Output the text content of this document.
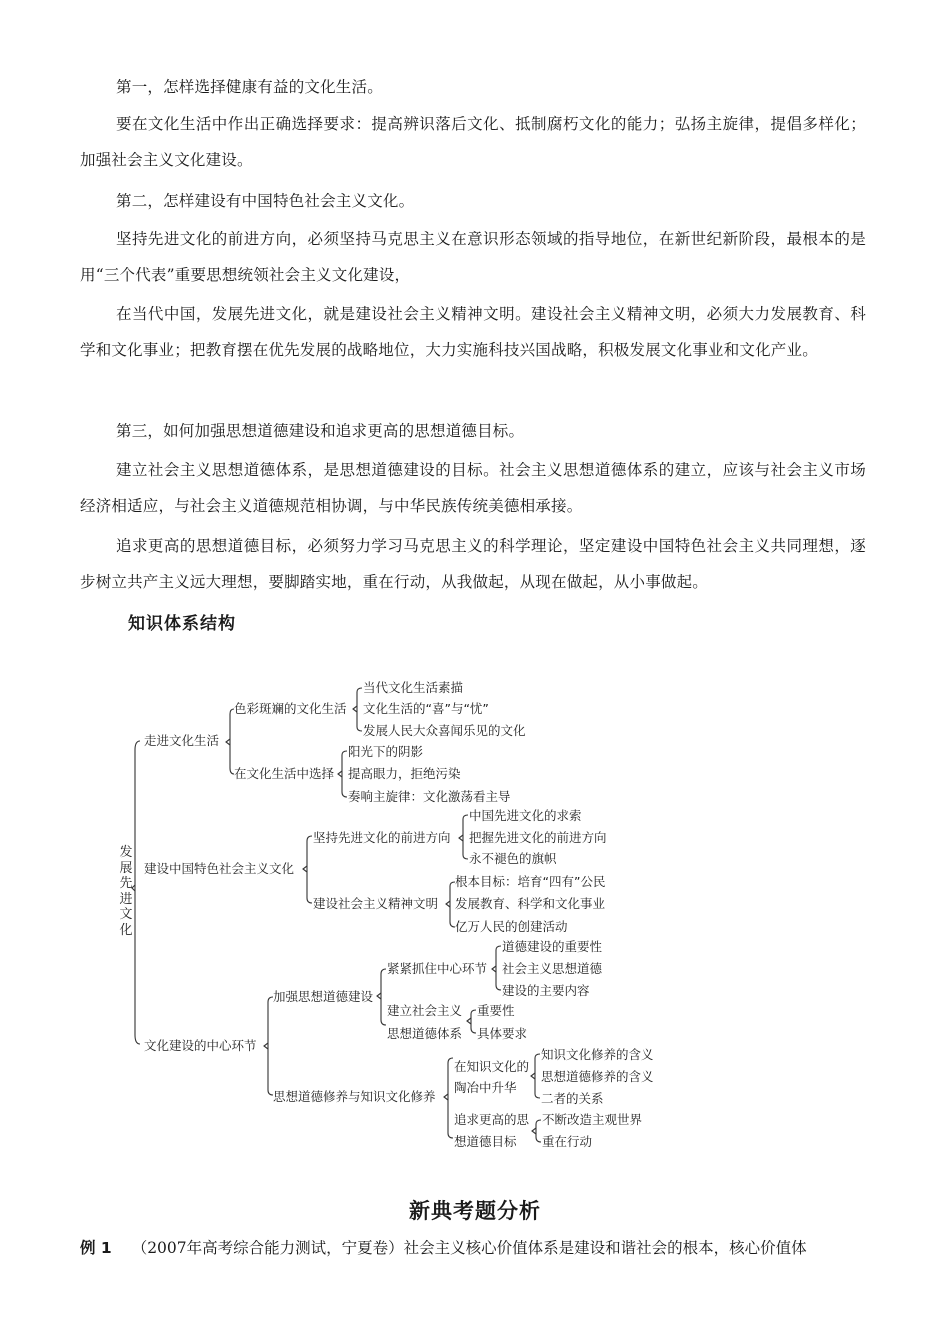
第一，怎样选择健康有益的文化生活。
要在文化生活中作出正确选择要求：提高辨识落后文化、抵制腐朽文化的能力；弘扬主旋律，提倡多样化；加强社会主义文化建设。
第二，怎样建设有中国特色社会主义文化。
坚持先进文化的前进方向，必须坚持马克思主义在意识形态领域的指导地位，在新世纪新阶段，最根本的是用“三个代表”重要思想统领社会主义文化建设，
在当代中国，发展先进文化，就是建设社会主义精神文明。建设社会主义精神文明，必须大力发展教育、科学和文化事业；把教育摆在优先发展的战略地位，大力实施科技兴国战略，积极发展文化事业和文化产业。
第三，如何加强思想道德建设和追求更高的思想道德目标。
建立社会主义思想道德体系，是思想道德建设的目标。社会主义思想道德体系的建立，应该与社会主义市场经济相适应，与社会主义道德规范相协调，与中华民族传统美德相承接。
追求更高的思想道德目标，必须努力学习马克思主义的科学理论，坚定建设中国特色社会主义共同理想，逐步树立共产主义远大理想，要脚踏实地，重在行动，从我做起，从现在做起，从小事做起。
知识体系结构
发展先进文化
走进文化生活
色彩斑斓的文化生活
当代文化生活素描
文化生活的“喜”与“忧”
发展人民大众喜闻乐见的文化
在文化生活中选择
阳光下的阴影
提高眼力，拒绝污染
奏响主旋律：文化激荡看主导
建设中国特色社会主义文化
坚持先进文化的前进方向
中国先进文化的求索
把握先进文化的前进方向
永不褪色的旗帜
建设社会主义精神文明
根本目标：培育“四有”公民
发展教育、科学和文化事业
亿万人民的创建活动
文化建设的中心环节
加强思想道德建设
紧紧抓住中心环节
道德建设的重要性
社会主义思想道德
建设的主要内容
建立社会主义
思想道德体系
重要性
具体要求
思想道德修养与知识文化修养
在知识文化的
陶冶中升华
知识文化修养的含义
思想道德修养的含义
二者的关系
追求更高的思
想道德目标
不断改造主观世界
重在行动
新典考题分析
例 1 （2007年高考综合能力测试，宁夏卷）社会主义核心价值体系是建设和谐社会的根本，核心价值体
